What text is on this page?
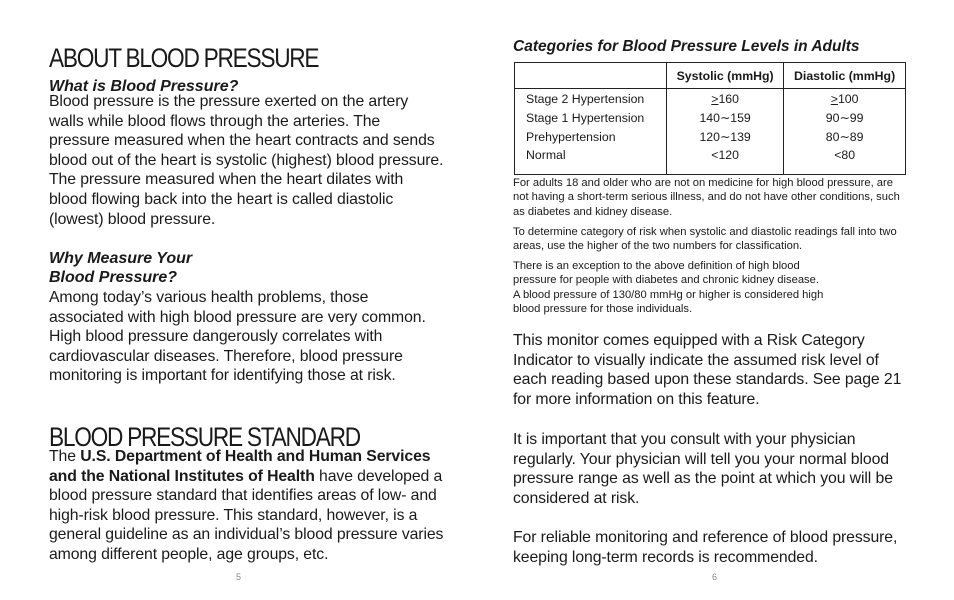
ABOUT BLOOD PRESSURE
What is Blood Pressure?

Blood pressure is the pressure exerted on the artery walls while blood flows through the arteries. The pressure measured when the heart contracts and sends blood out of the heart is systolic (highest) blood pressure. The pressure measured when the heart dilates with blood flowing back into the heart is called diastolic (lowest) blood pressure.

Why Measure Your
Blood Pressure?

Among today’s various health problems, those associated with high blood pressure are very common. High blood pressure dangerously correlates with cardiovascular diseases. Therefore, blood pressure monitoring is important for identifying those at risk.

BLOOD PRESSURE STANDARD

The U.S. Department of Health and Human Services and the National Institutes of Health have developed a blood pressure standard that identifies areas of low- and high-risk blood pressure. This standard, however, is a general guideline as an individual’s blood pressure varies among different people, age groups, etc.

5
Categories for Blood Pressure Levels in Adults
	Systolic (mmHg)	Diastolic (mmHg)
Stage 2 Hypertension	>160	>100
Stage 1 Hypertension	140∼159	90∼99
Prehypertension	120∼139	80∼89
Normal	<120	<80

For adults 18 and older who are not on medicine for high blood pressure, are not having a short-term serious illness, and do not have other conditions, such as diabetes and kidney disease.

To determine category of risk when systolic and diastolic readings fall into two areas, use the higher of the two numbers for classification.

There is an exception to the above definition of high blood
pressure for people with diabetes and chronic kidney disease.
A blood pressure of 130/80 mmHg or higher is considered high
blood pressure for those individuals.

This monitor comes equipped with a Risk Category Indicator to visually indicate the assumed risk level of each reading based upon these standards. See page 21 for more information on this feature.

It is important that you consult with your physician regularly. Your physician will tell you your normal blood pressure range as well as the point at which you will be considered at risk.

For reliable monitoring and reference of blood pressure, keeping long-term records is recommended.

6
